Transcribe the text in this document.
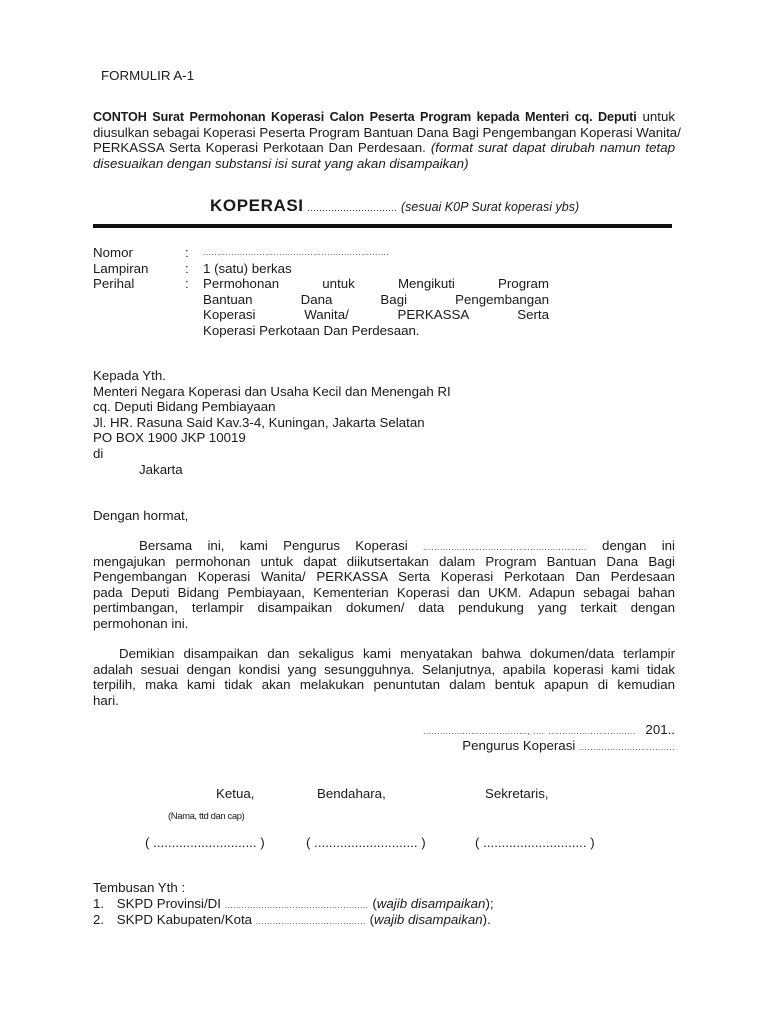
FORMULIR A-1
CONTOH Surat Permohonan Koperasi Calon Peserta Program kepada Menteri cq. Deputi untuk
diusulkan sebagai Koperasi Peserta Program Bantuan Dana Bagi Pengembangan Koperasi Wanita/
PERKASSA Serta Koperasi Perkotaan Dan Perdesaan. (format surat dapat dirubah namun tetap
disesuaikan dengan substansi isi surat yang akan disampaikan)
KOPERASI .............................. (sesuai K0P Surat koperasi ybs)
Nomor	: ..................................................................
Lampiran	: 1 (satu) berkas
Perihal	: Permohonan untuk Mengikuti Program
Bantuan Dana Bagi Pengembangan
Koperasi Wanita/ PERKASSA Serta
Koperasi Perkotaan Dan Perdesaan.
Kepada Yth.
Menteri Negara Koperasi dan Usaha Kecil dan Menengah RI
cq. Deputi Bidang Pembiayaan
Jl. HR. Rasuna Said Kav.3-4, Kuningan, Jakarta Selatan
PO BOX 1900 JKP 10019
di
Jakarta
Dengan hormat,
Bersama ini, kami Pengurus Koperasi .......................................................... dengan ini
mengajukan permohonan untuk dapat diikutsertakan dalam Program Bantuan Dana Bagi
Pengembangan Koperasi Wanita/ PERKASSA Serta Koperasi Perkotaan Dan Perdesaan
pada Deputi Bidang Pembiayaan, Kementerian Koperasi dan UKM. Adapun sebagai bahan
pertimbangan, terlampir disampaikan dokumen/ data pendukung yang terkait dengan
permohonan ini.
Demikian disampaikan dan sekaligus kami menyatakan bahwa dokumen/data terlampir
adalah sesuai dengan kondisi yang sesungguhnya. Selanjutnya, apabila koperasi kami tidak
terpilih, maka kami tidak akan melakukan penuntutan dalam bentuk apapun di kemudian
hari.
....................................., .... ............................... 201..
Pengurus Koperasi ..................................
Ketua,	Bendahara,	Sekretaris,
(Nama, ttd dan cap)
( ............................ )	( ............................ )	( ............................ )
Tembusan Yth :
1. SKPD Provinsi/DI ................................................... (wajib disampaikan);
2. SKPD Kabupaten/Kota ....................................... (wajib disampaikan).
